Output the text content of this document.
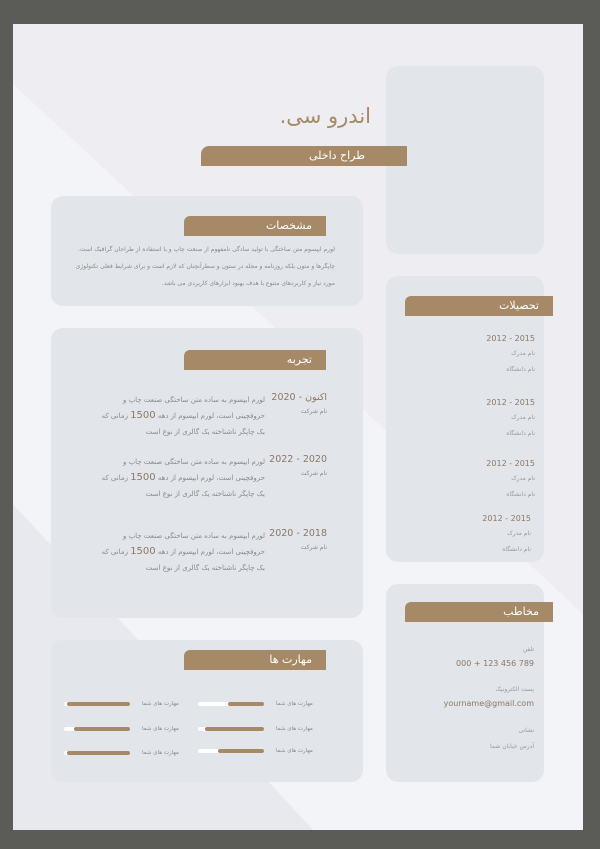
اندرو سی.
طراح داخلی
مشخصات
لورم ایپسوم متن ساختگی با تولید سادگی نامفهوم از صنعت چاپ و با استفاده از طراحان گرافیک است. چاپگرها و متون بلکه روزنامه و مجله در ستون و سطرآنچنان که لازم است و برای شرایط فعلی تکنولوژی مورد نیاز و کاربردهای متنوع با هدف بهبود ابزارهای کاربردی می باشد.
تجربه
2020 - اکنون
نام شرکت
لورم ایپسوم به ساده متن ساختگی صنعت چاپ و حروفچینی است، لورم ایپسوم از دهه 1500 زمانی که یک چاپگر ناشناخته یک گالری از نوع است
2022 - 2020
نام شرکت
لورم ایپسوم به ساده متن ساختگی صنعت چاپ و حروفچینی است، لورم ایپسوم از دهه 1500 زمانی که یک چاپگر ناشناخته یک گالری از نوع است
2020 - 2018
نام شرکت
لورم ایپسوم به ساده متن ساختگی صنعت چاپ و حروفچینی است، لورم ایپسوم از دهه 1500 زمانی که یک چاپگر ناشناخته یک گالری از نوع است
مهارت ها
مهارت های شما
مهارت های شما
مهارت های شما
مهارت های شما
مهارت های شما
مهارت های شما
تحصیلات
2012 - 2015
نام مدرک
نام دانشگاه
2012 - 2015
نام مدرک
نام دانشگاه
2012 - 2015
نام مدرک
نام دانشگاه
2012 - 2015
نام مدرک
نام دانشگاه
مخاطب
تلفن
000 + 123 456 789
پست الکترونیک
yourname@gmail.com
نشانی
آدرس خیابان شما
